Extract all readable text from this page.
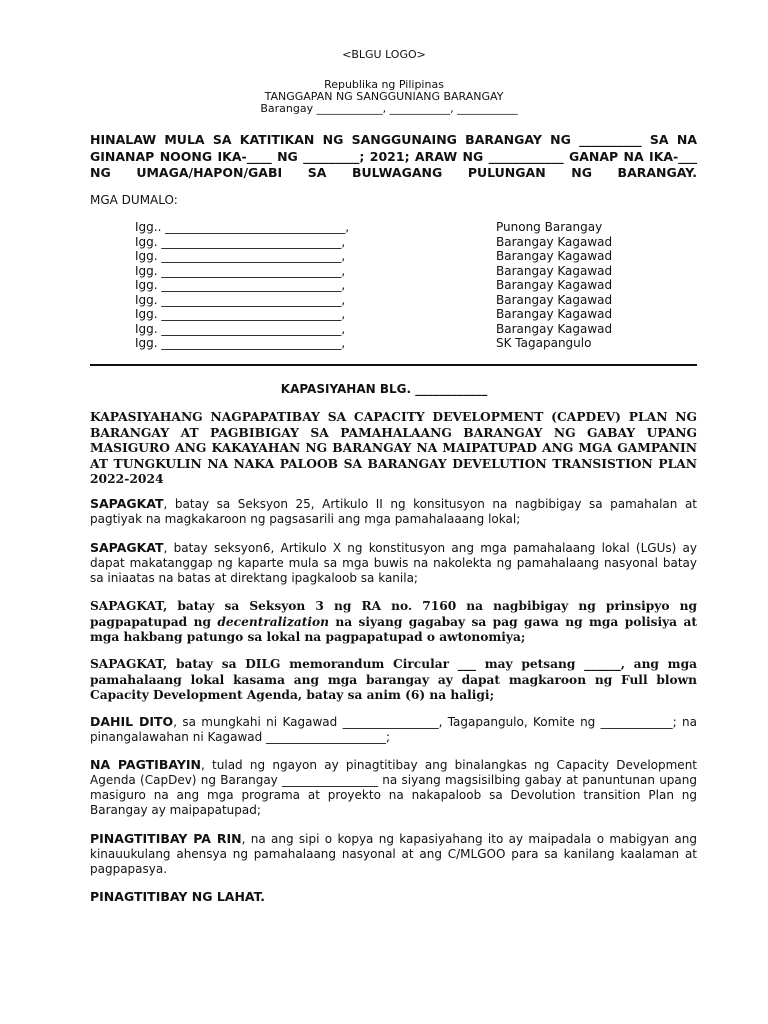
<BLGU LOGO>
Republika ng Pilipinas
TANGGAPAN NG SANGGUNIANG BARANGAY
Barangay ____________, ___________, ___________
HINALAW MULA SA KATITIKAN NG SANGGUNAING BARANGAY NG __________ SA NA GINANAP NOONG IKA-____ NG _________; 2021; ARAW NG ____________ GANAP NA IKA-___ NG UMAGA/HAPON/GABI SA BULWAGANG PULUNGAN NG BARANGAY.
MGA DUMALO:
Igg.. ______________________________,	Punong Barangay
Igg. ______________________________,	Barangay Kagawad
Igg. ______________________________,	Barangay Kagawad
Igg. ______________________________,	Barangay Kagawad
Igg. ______________________________,	Barangay Kagawad
Igg. ______________________________,	Barangay Kagawad
Igg. ______________________________,	Barangay Kagawad
Igg. ______________________________,	Barangay Kagawad
Igg. ______________________________,	SK Tagapangulo
KAPASIYAHAN BLG. ____________
KAPASIYAHANG NAGPAPATIBAY SA CAPACITY DEVELOPMENT (CAPDEV) PLAN NG BARANGAY AT PAGBIBIGAY SA PAMAHALAANG BARANGAY NG GABAY UPANG MASIGURO ANG KAKAYAHAN NG BARANGAY NA MAIPATUPAD ANG MGA GAMPANIN AT TUNGKULIN NA NAKA PALOOB SA BARANGAY DEVELUTION TRANSISTION PLAN 2022-2024
SAPAGKAT, batay sa Seksyon 25, Artikulo II ng konsitusyon na nagbibigay sa pamahalan at pagtiyak na magkakaroon ng pagsasarili ang mga pamahalaaang lokal;
SAPAGKAT, batay seksyon6, Artikulo X ng konstitusyon ang mga pamahalaang lokal (LGUs) ay dapat makatanggap ng kaparte mula sa mga buwis na nakolekta ng pamahalaang nasyonal batay sa iniaatas na batas at direktang ipagkaloob sa kanila;
SAPAGKAT, batay sa Seksyon 3 ng RA no. 7160 na nagbibigay ng prinsipyo ng pagpapatupad ng decentralization na siyang gagabay sa pag gawa ng mga polisiya at mga hakbang patungo sa lokal na pagpapatupad o awtonomiya;
SAPAGKAT, batay sa DILG memorandum Circular ___ may petsang ______, ang mga pamahalaang lokal kasama ang mga barangay ay dapat magkaroon ng Full blown Capacity Development Agenda, batay sa anim (6) na haligi;
DAHIL DITO, sa mungkahi ni Kagawad ________________, Tagapangulo, Komite ng ____________; na pinangalawahan ni Kagawad ____________________;
NA PAGTIBAYIN, tulad ng ngayon ay pinagtitibay ang binalangkas ng Capacity Development Agenda (CapDev) ng Barangay ________________ na siyang magsisilbing gabay at panuntunan upang masiguro na ang mga programa at proyekto na nakapaloob sa Devolution transition Plan ng Barangay ay maipapatupad;
PINAGTITIBAY PA RIN, na ang sipi o kopya ng kapasiyahang ito ay maipadala o mabigyan ang kinauukulang ahensya ng pamahalaang nasyonal at ang C/MLGOO para sa kanilang kaalaman at pagpapasya.
PINAGTITIBAY NG LAHAT.
